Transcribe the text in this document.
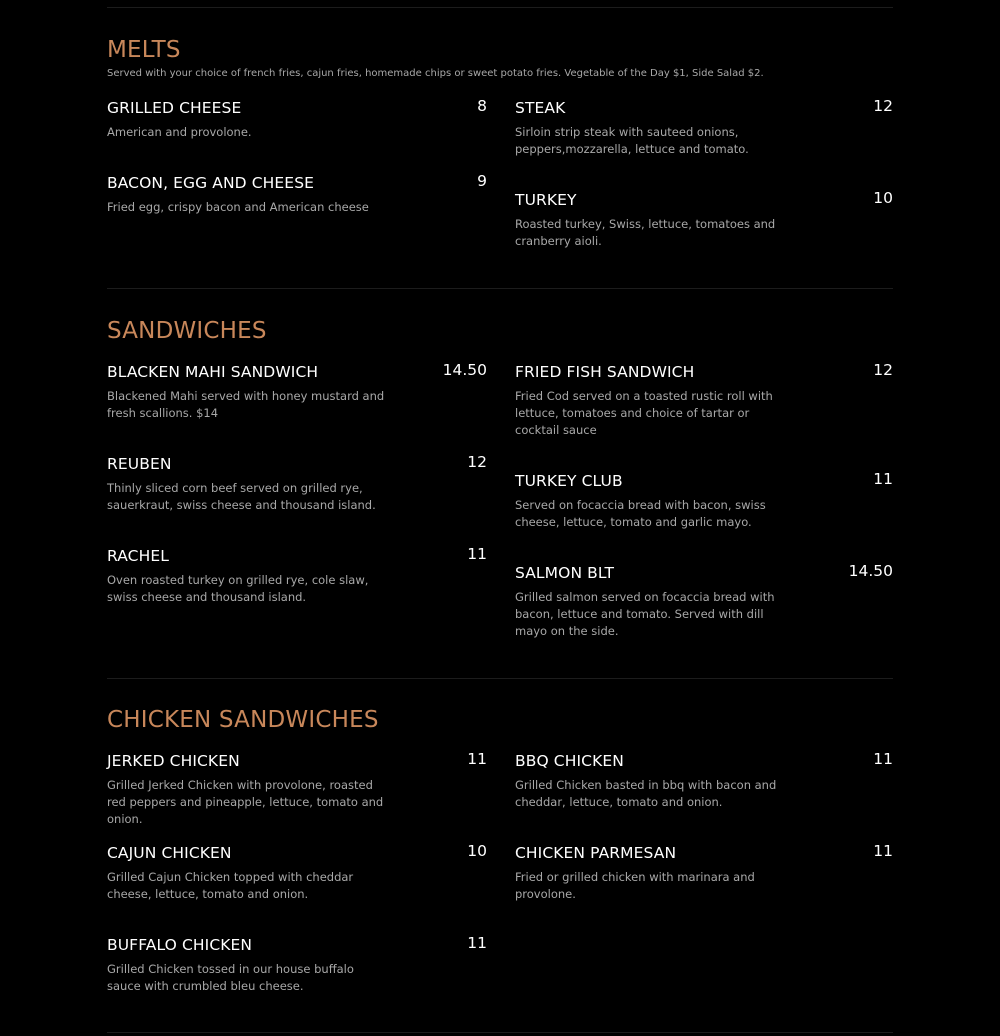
MELTS
Served with your choice of french fries, cajun fries, homemade chips or sweet potato fries. Vegetable of the Day $1, Side Salad $2.
GRILLED CHEESE	8
American and provolone.
BACON, EGG AND CHEESE	9
Fried egg, crispy bacon and American cheese
STEAK	12
Sirloin strip steak with sauteed onions, peppers,mozzarella, lettuce and tomato.
TURKEY	10
Roasted turkey, Swiss, lettuce, tomatoes and cranberry aioli.
SANDWICHES
BLACKEN MAHI SANDWICH	14.50
Blackened Mahi served with honey mustard and fresh scallions. $14
REUBEN	12
Thinly sliced corn beef served on grilled rye, sauerkraut, swiss cheese and thousand island.
RACHEL	11
Oven roasted turkey on grilled rye, cole slaw, swiss cheese and thousand island.
FRIED FISH SANDWICH	12
Fried Cod served on a toasted rustic roll with lettuce, tomatoes and choice of tartar or cocktail sauce
TURKEY CLUB	11
Served on focaccia bread with bacon, swiss cheese, lettuce, tomato and garlic mayo.
SALMON BLT	14.50
Grilled salmon served on focaccia bread with bacon, lettuce and tomato. Served with dill mayo on the side.
CHICKEN SANDWICHES
JERKED CHICKEN	11
Grilled Jerked Chicken with provolone, roasted red peppers and pineapple, lettuce, tomato and onion.
CAJUN CHICKEN	10
Grilled Cajun Chicken topped with cheddar cheese, lettuce, tomato and onion.
BUFFALO CHICKEN	11
Grilled Chicken tossed in our house buffalo sauce with crumbled bleu cheese.
BBQ CHICKEN	11
Grilled Chicken basted in bbq with bacon and cheddar, lettuce, tomato and onion.
CHICKEN PARMESAN	11
Fried or grilled chicken with marinara and provolone.
